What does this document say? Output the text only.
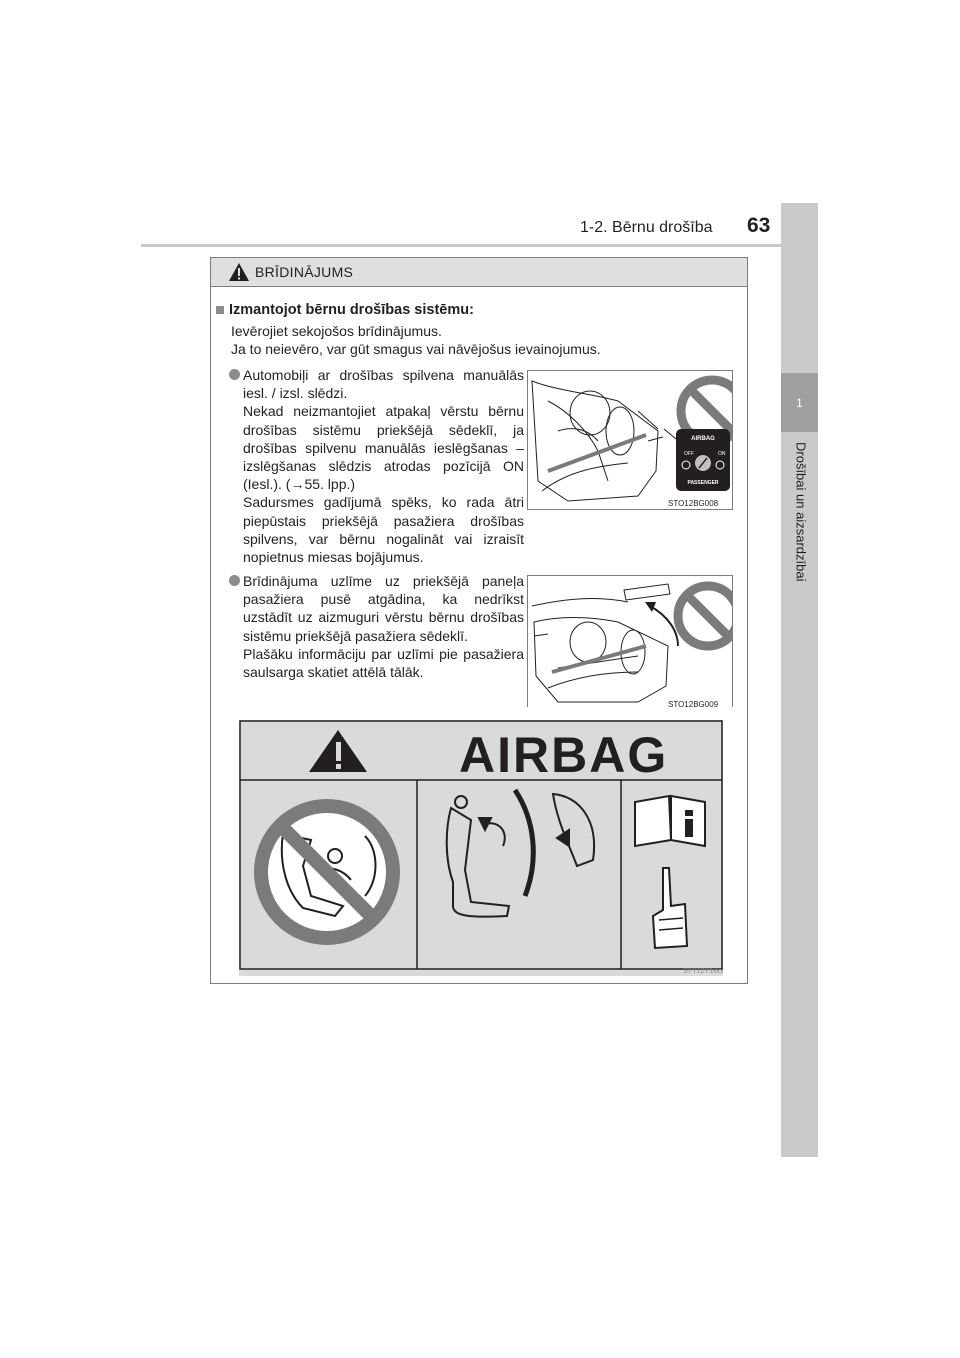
1-2. Bērnu drošība 63
1
Drošībai un aizsardzībai
BRĪDINĀJUMS
Izmantojot bērnu drošības sistēmu:
Ievērojiet sekojošos brīdinājumus.
Ja to neievēro, var gūt smagus vai nāvējošus ievainojumus.

Automobiļi ar drošības spilvena manuālās iesl. / izsl. slēdzi.

Nekad neizmantojiet atpakaļ vērstu bērnu drošības sistēmu priekšējā sēdeklī, ja drošības spilvenu manuālās ieslēgšanas – izslēgšanas slēdzis atrodas pozīcijā ON (Iesl.). (→55. lpp.)

Sadursmes gadījumā spēks, ko rada ātri piepūstais priekšējā pasažiera drošības spilvens, var bērnu nogalināt vai izraisīt nopietnus miesas bojājumus.

AIRBAG
OFF	ON
PASSENGER
STO12BG008

Brīdinājuma uzlīme uz priekšējā paneļa pasažiera pusē atgādina, ka nedrīkst uzstādīt uz aizmuguri vērstu bērnu drošības sistēmu priekšējā pasažiera sēdeklī.

Plašāku informāciju par uzlīmi pie pasažiera saulsarga skatiet attēlā tālāk.

STO12BG009
AIRBAG
STY12Y1xxx
